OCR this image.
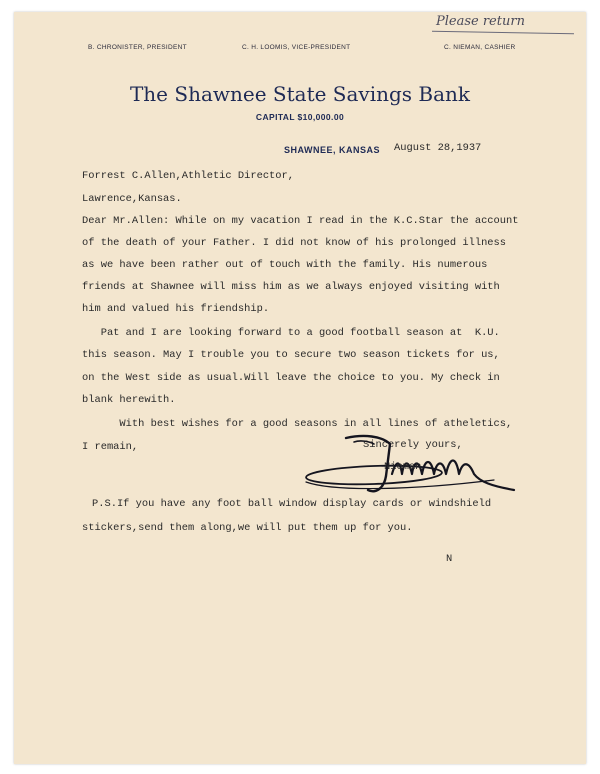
Please return
B. CHRONISTER, PRESIDENT	C. H. LOOMIS, VICE-PRESIDENT	C. NIEMAN, CASHIER
The Shawnee State Savings Bank
CAPITAL $10,000.00
SHAWNEE, KANSAS August 28,1937
Forrest C.Allen,Athletic Director,
Lawrence,Kansas.
Dear Mr.Allen: While on my vacation I read in the K.C.Star the account
of the death of your Father. I did not know of his prolonged illness
as we have been rather out of touch with the family. His numerous
friends at Shawnee will miss him as we always enjoyed visiting with
him and valued his friendship.
Pat and I are looking forward to a good football season at  K.U.
this season. May I trouble you to secure two season tickets for us,
on the West side as usual.Will leave the choice to you. My check in
blank herewith.
With best wishes for a good seasons in all lines of atheletics,
I remain,	Sincerely yours,
Nieman
P.S.If you have any foot ball window display cards or windshield
stickers,send them along,we will put them up for you.
N
